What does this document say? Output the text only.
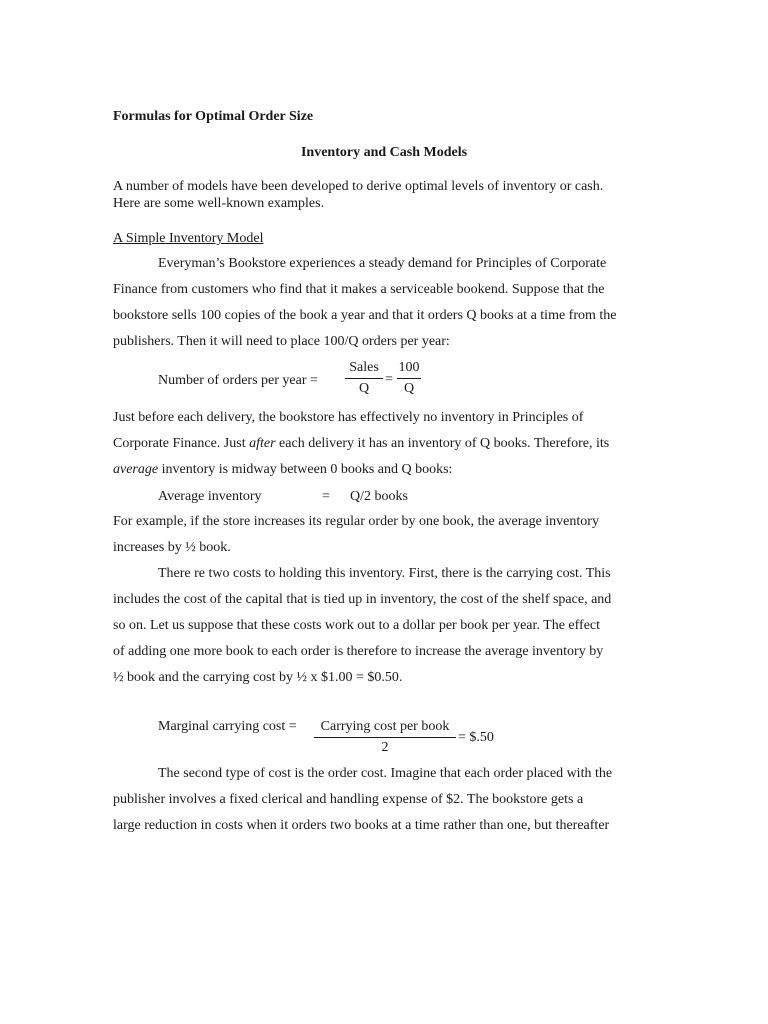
Formulas for Optimal Order Size
Inventory and Cash Models
A number of models have been developed to derive optimal levels of inventory or cash.
Here are some well-known examples.
A Simple Inventory Model
Everyman’s Bookstore experiences a steady demand for Principles of Corporate
Finance from customers who find that it makes a serviceable bookend. Suppose that the
bookstore sells 100 copies of the book a year and that it orders Q books at a time from the
publishers. Then it will need to place 100/Q orders per year:
Number of orders per year =
Sales
Q
=
100
Q
Just before each delivery, the bookstore has effectively no inventory in Principles of
Corporate Finance. Just after each delivery it has an inventory of Q books. Therefore, its
average inventory is midway between 0 books and Q books:
Average inventory	= Q/2 books
For example, if the store increases its regular order by one book, the average inventory
increases by ½ book.
There re two costs to holding this inventory. First, there is the carrying cost. This
includes the cost of the capital that is tied up in inventory, the cost of the shelf space, and
so on. Let us suppose that these costs work out to a dollar per book per year. The effect
of adding one more book to each order is therefore to increase the average inventory by
½ book and the carrying cost by ½ x $1.00 = $0.50.
Marginal carrying cost =	Carrying cost per book
2
= $.50
The second type of cost is the order cost. Imagine that each order placed with the
publisher involves a fixed clerical and handling expense of $2. The bookstore gets a
large reduction in costs when it orders two books at a time rather than one, but thereafter
